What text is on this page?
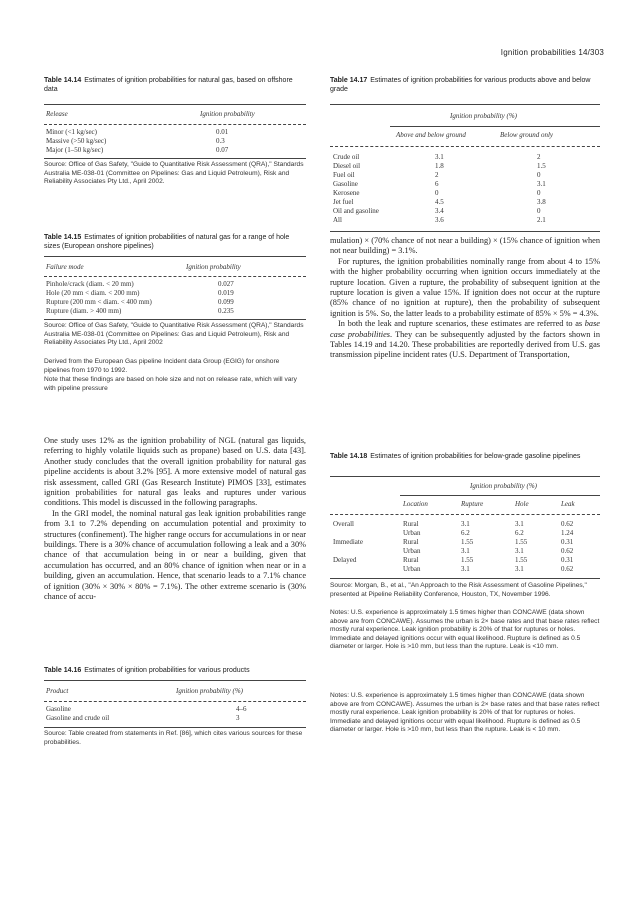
Ignition probabilities 14/303
Table 14.14 Estimates of ignition probabilities for natural gas, based on offshore data
Release	Ignition probability
Minor (<1 kg/sec)	0.01
Massive (>50 kg/sec)	0.3
Major (1–50 kg/sec)	0.07
Source: Office of Gas Safety, "Guide to Quantitative Risk Assessment (QRA)," Standards Australia ME-038-01 (Committee on Pipelines: Gas and Liquid Petroleum), Risk and Reliability Associates Pty Ltd., April 2002.
Table 14.15 Estimates of ignition probabilities of natural gas for a range of hole sizes (European onshore pipelines)
Failure mode	Ignition probability
Pinhole/crack (diam. < 20 mm)	0.027
Hole (20 mm < diam. < 200 mm)	0.019
Rupture (200 mm < diam. < 400 mm)	0.099
Rupture (diam. > 400 mm)	0.235
Source: Office of Gas Safety, "Guide to Quantitative Risk Assessment (QRA)," Standards Australia ME-038-01 (Committee on Pipelines: Gas and Liquid Petroleum), Risk and Reliability Associates Pty Ltd., April 2002
Derived from the European Gas pipeline Incident data Group (EGIG) for onshore pipelines from 1970 to 1992.
Note that these findings are based on hole size and not on release rate, which will vary with pipeline pressure

One study uses 12% as the ignition probability of NGL (natural gas liquids, referring to highly volatile liquids such as propane) based on U.S. data [43]. Another study concludes that the overall ignition probability for natural gas pipeline accidents is about 3.2% [95]. A more extensive model of natural gas risk assessment, called GRI (Gas Research Institute) PIMOS [33], estimates ignition probabilities for natural gas leaks and ruptures under various conditions. This model is discussed in the following paragraphs.

In the GRI model, the nominal natural gas leak ignition probabilities range from 3.1 to 7.2% depending on accumulation potential and proximity to structures (confinement). The higher range occurs for accumulations in or near buildings. There is a 30% chance of accumulation following a leak and a 30% chance of that accumulation being in or near a building, given that accumulation has occurred, and an 80% chance of ignition when near or in a building, given an accumulation. Hence, that scenario leads to a 7.1% chance of ignition (30% × 30% × 80% = 7.1%). The other extreme scenario is (30% chance of accu-

Table 14.16 Estimates of ignition probabilities for various products
Product	Ignition probability (%)
Gasoline	4–6
Gasoline and crude oil	3
Source: Table created from statements in Ref. [86], which cites various sources for these probabilities.
Table 14.17 Estimates of ignition probabilities for various products above and below grade
Ignition probability (%)
Above and below ground	Below ground only
Crude oil	3.1	2
Diesel oil	1.8	1.5
Fuel oil	2	0
Gasoline	6	3.1
Kerosene	0	0
Jet fuel	4.5	3.8
Oil and gasoline	3.4	0
All	3.6	2.1

mulation) × (70% chance of not near a building) × (15% chance of ignition when not near building) = 3.1%.

For ruptures, the ignition probabilities nominally range from about 4 to 15% with the higher probability occurring when ignition occurs immediately at the rupture location. Given a rupture, the probability of subsequent ignition at the rupture location is given a value 15%. If ignition does not occur at the rupture (85% chance of no ignition at rupture), then the probability of subsequent ignition is 5%. So, the latter leads to a probability estimate of 85% × 5% = 4.3%.

In both the leak and rupture scenarios, these estimates are referred to as base case probabilities. They can be subsequently adjusted by the factors shown in Tables 14.19 and 14.20. These probabilities are reportedly derived from U.S. gas transmission pipeline incident rates (U.S. Department of Transportation,

Table 14.18 Estimates of ignition probabilities for below-grade gasoline pipelines
Ignition probability (%)
	Location	Rupture	Hole	Leak
Overall	Rural	3.1	3.1	0.62
	Urban	6.2	6.2	1.24
Immediate	Rural	1.55	1.55	0.31
	Urban	3.1	3.1	0.62
Delayed	Rural	1.55	1.55	0.31
	Urban	3.1	3.1	0.62
Source: Morgan, B., et al., "An Approach to the Risk Assessment of Gasoline Pipelines," presented at Pipeline Reliability Conference, Houston, TX, November 1996.
Notes: U.S. experience is approximately 1.5 times higher than CONCAWE (data shown above are from CONCAWE). Assumes the urban is 2× base rates and that base rates reflect mostly rural experience. Leak ignition probability is 20% of that for ruptures or holes. Immediate and delayed ignitions occur with equal likelihood. Rupture is defined as 0.5 diameter or larger. Hole is >10 mm, but less than the rupture. Leak is <10 mm.
Notes: U.S. experience is approximately 1.5 times higher than CONCAWE (data shown above are from CONCAWE). Assumes the urban is 2× base rates and that base rates reflect mostly rural experience. Leak ignition probability is 20% of that for ruptures or holes. Immediate and delayed ignitions occur with equal likelihood. Rupture is defined as 0.5 diameter or larger. Hole is >10 mm, but less than the rupture. Leak is < 10 mm.
